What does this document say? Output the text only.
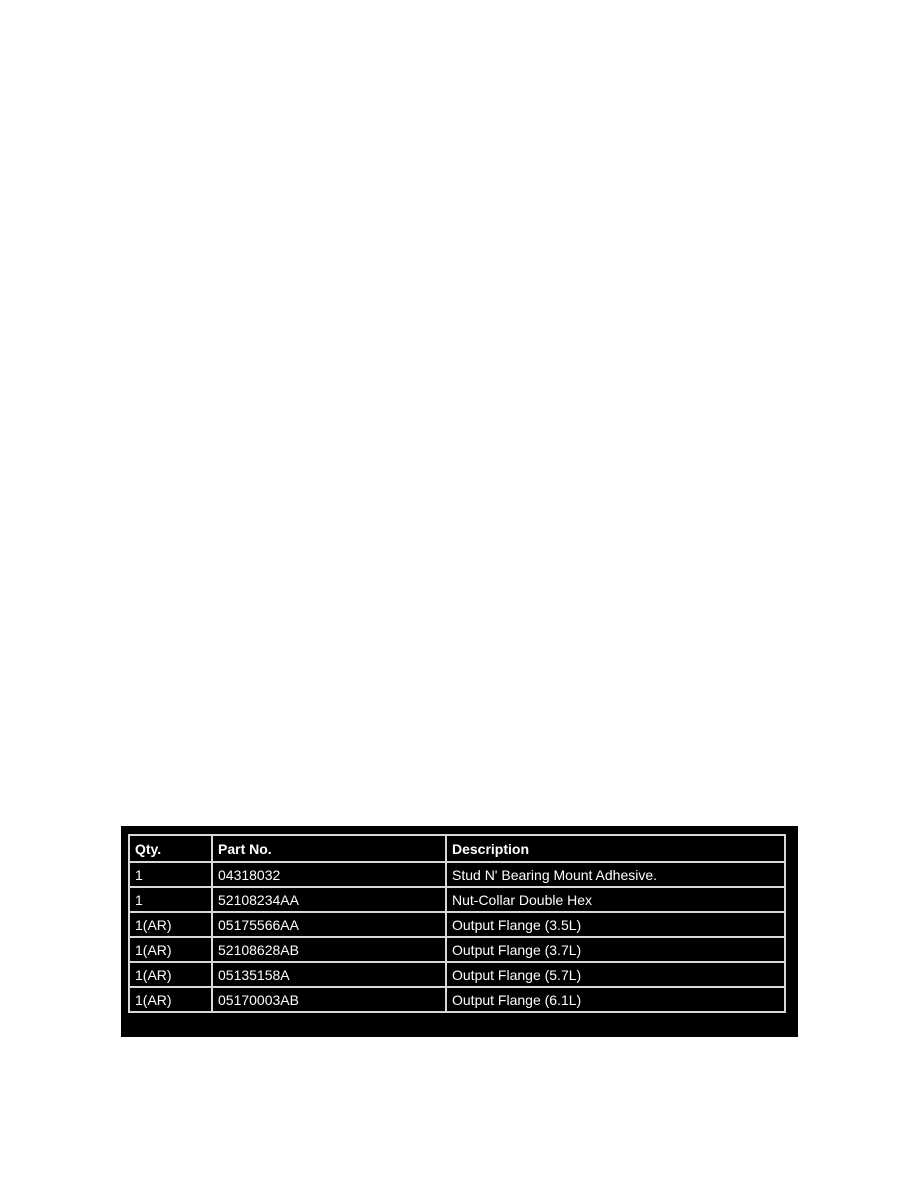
Qty.	Part No.	Description
1	04318032	Stud N' Bearing Mount Adhesive.
1	52108234AA	Nut-Collar Double Hex
1(AR)	05175566AA	Output Flange (3.5L)
1(AR)	52108628AB	Output Flange (3.7L)
1(AR)	05135158A	Output Flange (5.7L)
1(AR)	05170003AB	Output Flange (6.1L)
